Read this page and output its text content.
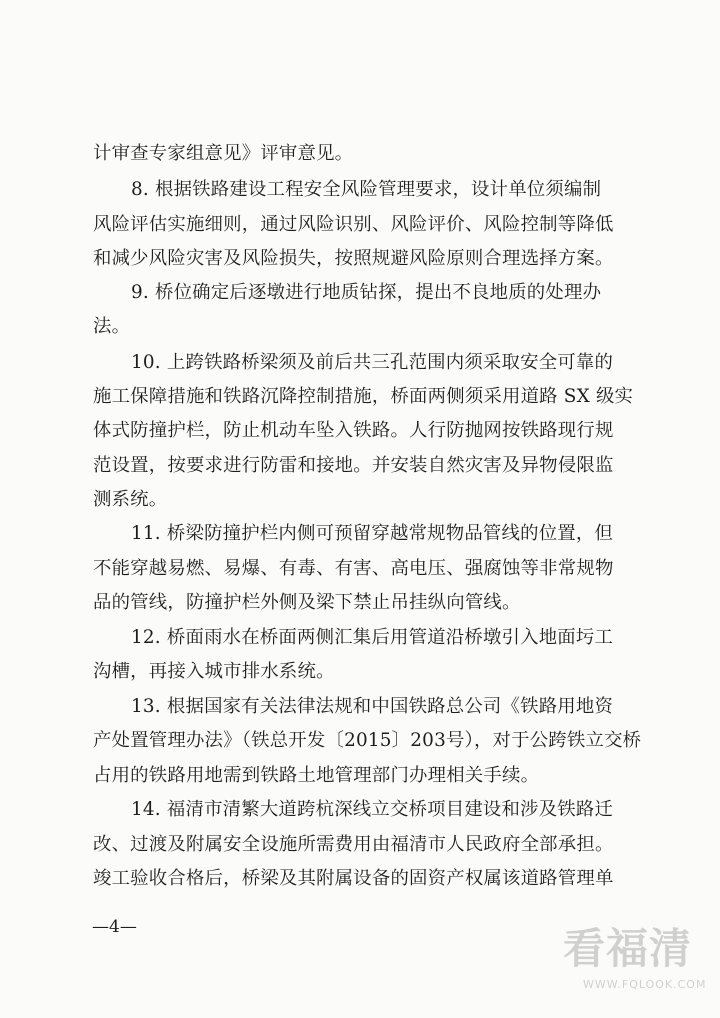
计审查专家组意见》评审意见。
8. 根据铁路建设工程安全风险管理要求，设计单位须编制
风险评估实施细则，通过风险识别、风险评价、风险控制等降低
和减少风险灾害及风险损失，按照规避风险原则合理选择方案。
9. 桥位确定后逐墩进行地质钻探，提出不良地质的处理办
法。
10. 上跨铁路桥梁须及前后共三孔范围内须采取安全可靠的
施工保障措施和铁路沉降控制措施，桥面两侧须采用道路 SX 级实
体式防撞护栏，防止机动车坠入铁路。人行防抛网按铁路现行规
范设置，按要求进行防雷和接地。并安装自然灾害及异物侵限监
测系统。
11. 桥梁防撞护栏内侧可预留穿越常规物品管线的位置，但
不能穿越易燃、易爆、有毒、有害、高电压、强腐蚀等非常规物
品的管线，防撞护栏外侧及梁下禁止吊挂纵向管线。
12. 桥面雨水在桥面两侧汇集后用管道沿桥墩引入地面圬工
沟槽，再接入城市排水系统。
13. 根据国家有关法律法规和中国铁路总公司《铁路用地资
产处置管理办法》（铁总开发〔2015〕203号），对于公跨铁立交桥
占用的铁路用地需到铁路土地管理部门办理相关手续。
14. 福清市清繁大道跨杭深线立交桥项目建设和涉及铁路迁
改、过渡及附属安全设施所需费用由福清市人民政府全部承担。
竣工验收合格后，桥梁及其附属设备的固资产权属该道路管理单
—4—	看福清
WWW.FQLOOK.COM
